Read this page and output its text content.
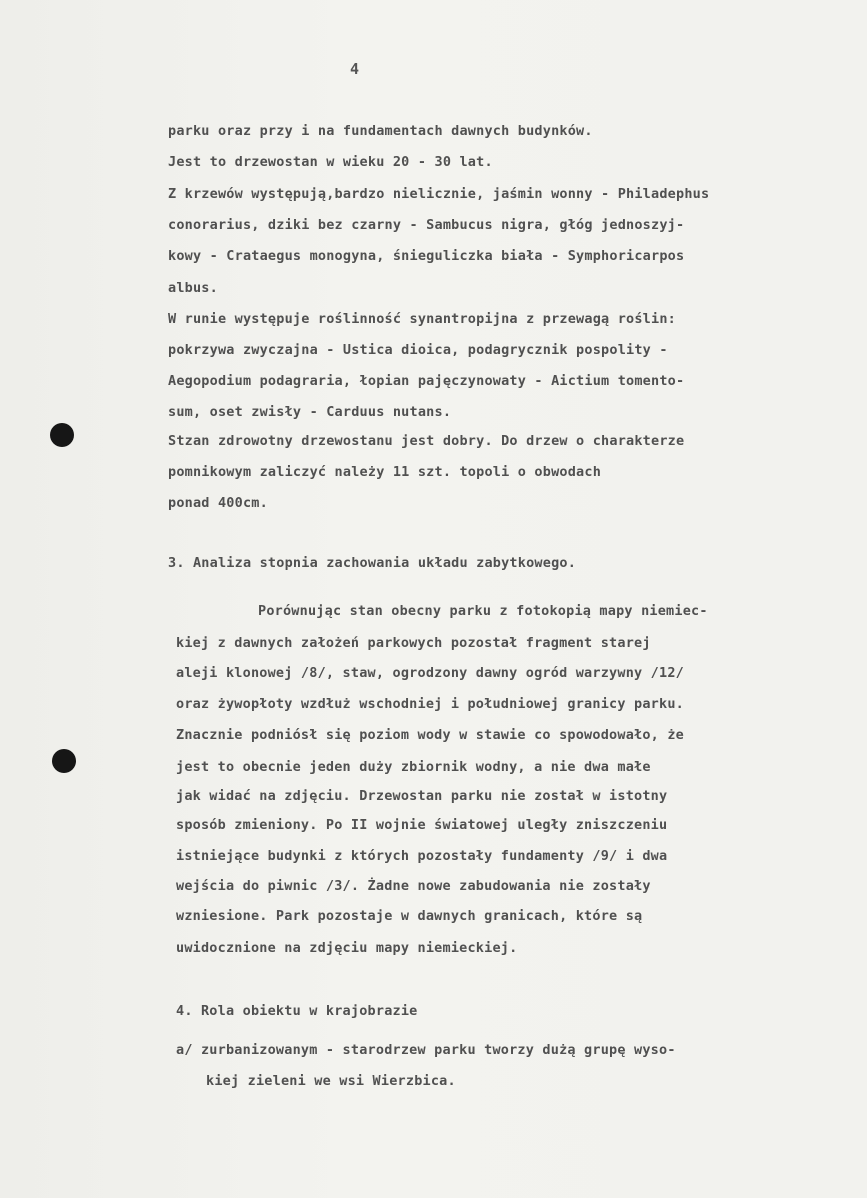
4
parku oraz przy i na fundamentach dawnych budynków.
Jest to drzewostan w wieku 20 - 30 lat.
Z krzewów występują,bardzo nielicznie, jaśmin wonny - Philadephus
conorarius, dziki bez czarny - Sambucus nigra, głóg jednoszyj-
kowy - Crataegus monogyna, śnieguliczka biała - Symphoricarpos
albus.
W runie występuje roślinność synantropijna z przewagą roślin:
pokrzywa zwyczajna - Ustica dioica, podagrycznik pospolity -
Aegopodium podagraria, łopian pajęczynowaty - Aictium tomento-
sum, oset zwisły - Carduus nutans.
Stzan zdrowotny drzewostanu jest dobry. Do drzew o charakterze
pomnikowym zaliczyć należy 11 szt. topoli o obwodach
ponad 400cm.
3. Analiza stopnia zachowania układu zabytkowego.
Porównując stan obecny parku z fotokopią mapy niemiec-
kiej z dawnych założeń parkowych pozostał fragment starej
aleji klonowej /8/, staw, ogrodzony dawny ogród warzywny /12/
oraz żywopłoty wzdłuż wschodniej i południowej granicy parku.
Znacznie podniósł się poziom wody w stawie co spowodowało, że
jest to obecnie jeden duży zbiornik wodny, a nie dwa małe
jak widać na zdjęciu. Drzewostan parku nie został w istotny
sposób zmieniony. Po II wojnie światowej uległy zniszczeniu
istniejące budynki z których pozostały fundamenty /9/ i dwa
wejścia do piwnic /3/. Żadne nowe zabudowania nie zostały
wzniesione. Park pozostaje w dawnych granicach, które są
uwidocznione na zdjęciu mapy niemieckiej.
4. Rola obiektu w krajobrazie
a/ zurbanizowanym - starodrzew parku tworzy dużą grupę wyso-
kiej zieleni we wsi Wierzbica.
